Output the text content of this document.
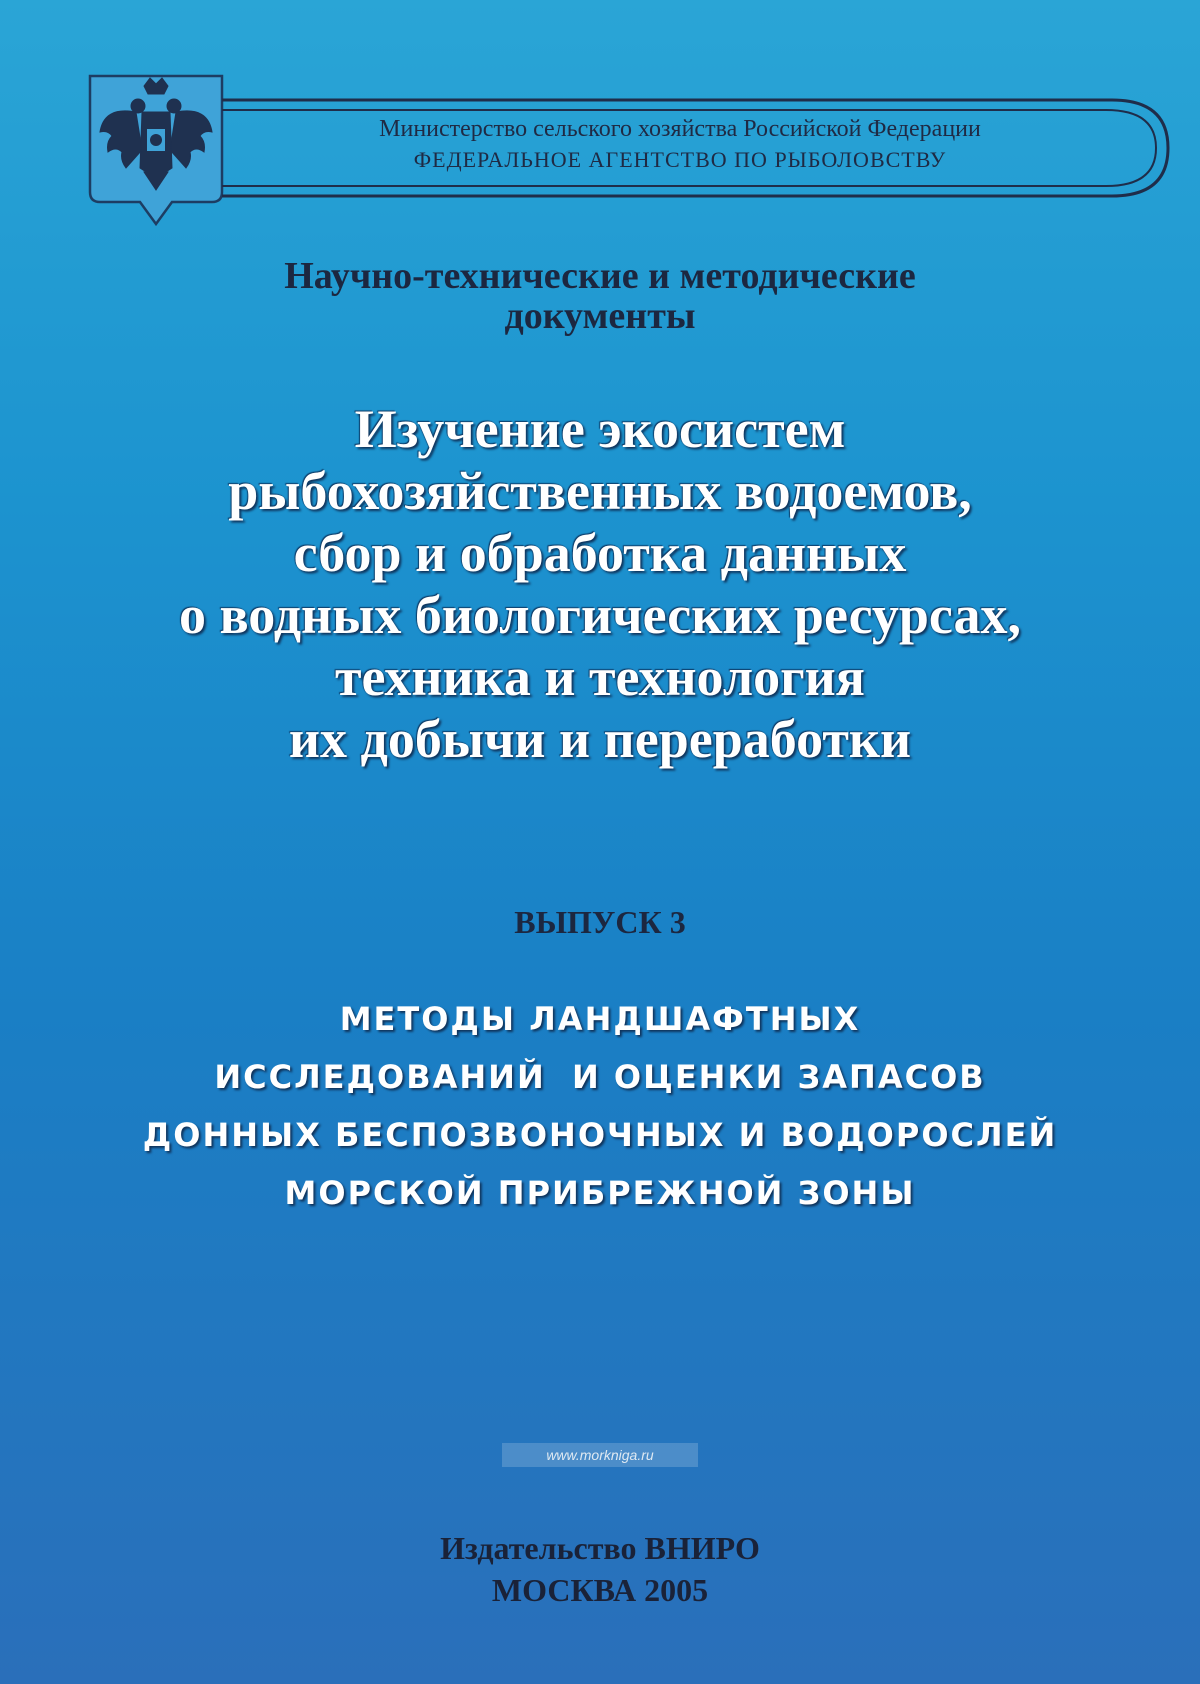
Министерство сельского хозяйства Российской Федерации
ФЕДЕРАЛЬНОЕ АГЕНТСТВО ПО РЫБОЛОВСТВУ
Научно-технические и методические
документы
Изучение экосистем
рыбохозяйственных водоемов,
сбор и обработка данных
о водных биологических ресурсах,
техника и технология
их добычи и переработки
ВЫПУСК 3
МЕТОДЫ ЛАНДШАФТНЫХ
ИССЛЕДОВАНИЙ  И ОЦЕНКИ ЗАПАСОВ
ДОННЫХ БЕСПОЗВОНОЧНЫХ И ВОДОРОСЛЕЙ
МОРСКОЙ ПРИБРЕЖНОЙ ЗОНЫ
www.morkniga.ru
Издательство ВНИРО
МОСКВА 2005
